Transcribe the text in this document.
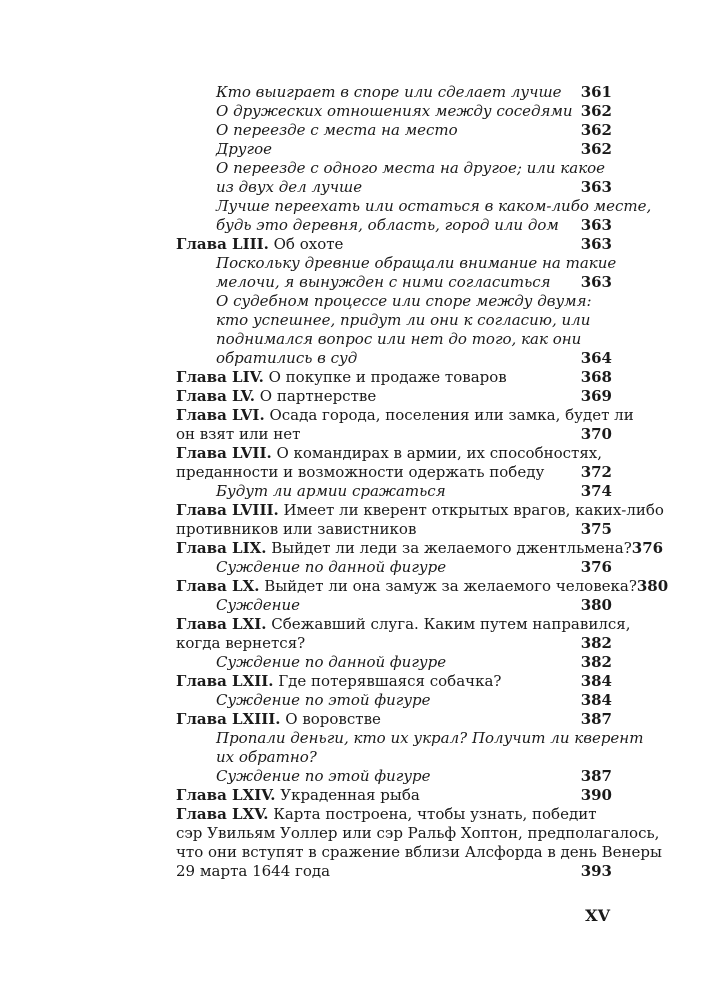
Кто выиграет в споре или сделает лучше 361
О дружеских отношениях между соседями 362
О переезде с места на место	362
Другое	362
О переезде с одного места на другое; или какое
из двух дел лучше	363
Лучше переехать или остаться в каком-либо месте,
будь это деревня, область, город или дом 363
Глава LIII. Об охоте	363
Поскольку древние обращали внимание на такие
мелочи, я вынужден с ними согласиться 363
О судебном процессе или споре между двумя:
кто успешнее, придут ли они к согласию, или
поднимался вопрос или нет до того, как они
обратились в суд	364
Глава LIV. О покупке и продаже товаров	368
Глава LV. О партнерстве	369
Глава LVI. Осада города, поселения или замка, будет ли
он взят или нет	370
Глава LVII. О командирах в армии, их способностях,
преданности и возможности одержать победу 372
Будут ли армии сражаться	374
Глава LVIII. Имеет ли кверент открытых врагов, каких-либо
противников или завистников	375
Глава LIX. Выйдет ли леди за желаемого джентльмена? 376
Суждение по данной фигуре	376
Глава LX. Выйдет ли она замуж за желаемого человека? 380
Суждение	380
Глава LXI. Сбежавший слуга. Каким путем направился,
когда вернется?	382
Суждение по данной фигуре	382
Глава LXII. Где потерявшаяся собачка?	384
Суждение по этой фигуре	384
Глава LXIII. О воровстве	387
Пропали деньги, кто их украл? Получит ли кверент
их обратно?
Суждение по этой фигуре	387
Глава LXIV. Украденная рыба	390
Глава LXV. Карта построена, чтобы узнать, победит
сэр Увильям Уоллер или сэр Ральф Хоптон, предполагалось,
что они вступят в сражение вблизи Алсфорда в день Венеры
29 марта 1644 года	393
XV
